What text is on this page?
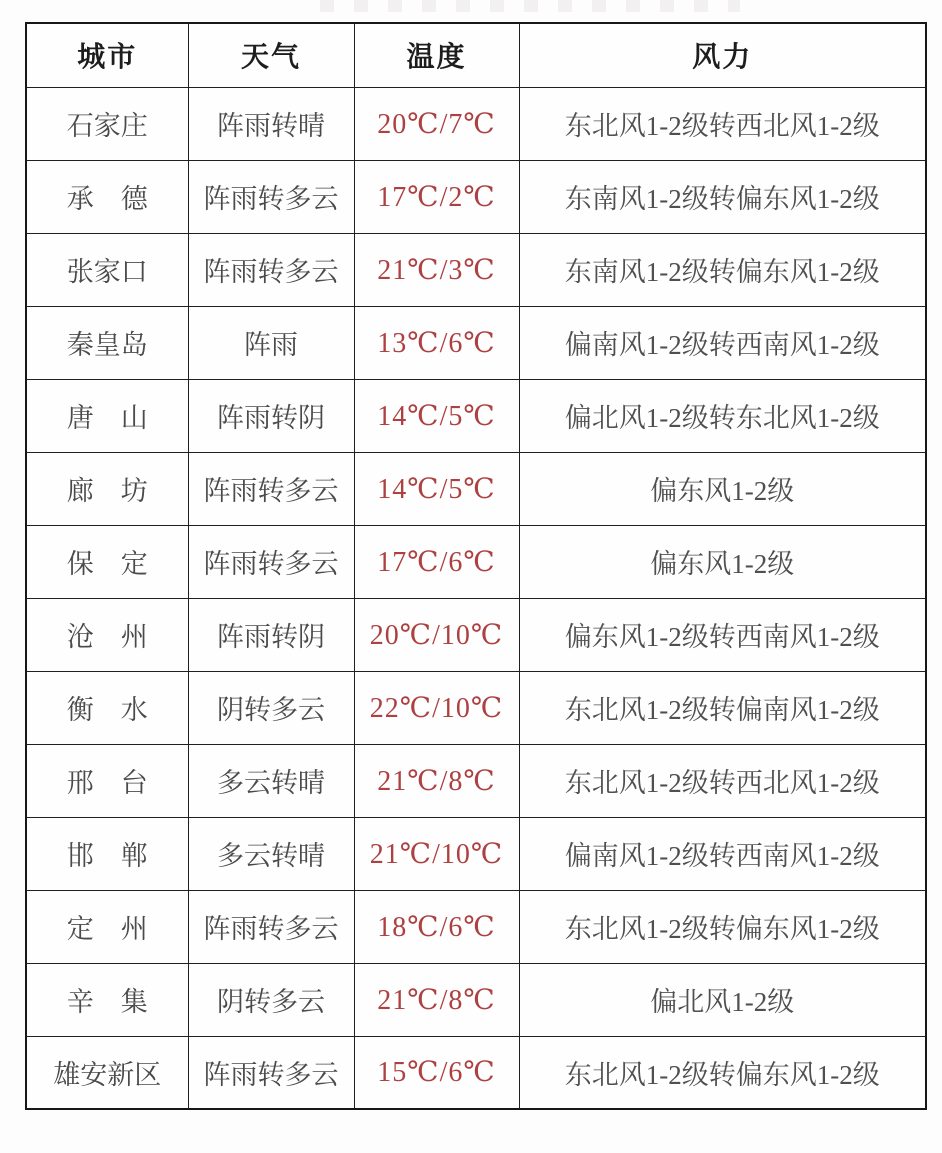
城市	天气	温度	风力
石家庄	阵雨转晴	20℃/7℃	东北风1-2级转西北风1-2级
承　德	阵雨转多云	17℃/2℃	东南风1-2级转偏东风1-2级
张家口	阵雨转多云	21℃/3℃	东南风1-2级转偏东风1-2级
秦皇岛	阵雨	13℃/6℃	偏南风1-2级转西南风1-2级
唐　山	阵雨转阴	14℃/5℃	偏北风1-2级转东北风1-2级
廊　坊	阵雨转多云	14℃/5℃	偏东风1-2级
保　定	阵雨转多云	17℃/6℃	偏东风1-2级
沧　州	阵雨转阴	20℃/10℃	偏东风1-2级转西南风1-2级
衡　水	阴转多云	22℃/10℃	东北风1-2级转偏南风1-2级
邢　台	多云转晴	21℃/8℃	东北风1-2级转西北风1-2级
邯　郸	多云转晴	21℃/10℃	偏南风1-2级转西南风1-2级
定　州	阵雨转多云	18℃/6℃	东北风1-2级转偏东风1-2级
辛　集	阴转多云	21℃/8℃	偏北风1-2级
雄安新区	阵雨转多云	15℃/6℃	东北风1-2级转偏东风1-2级
